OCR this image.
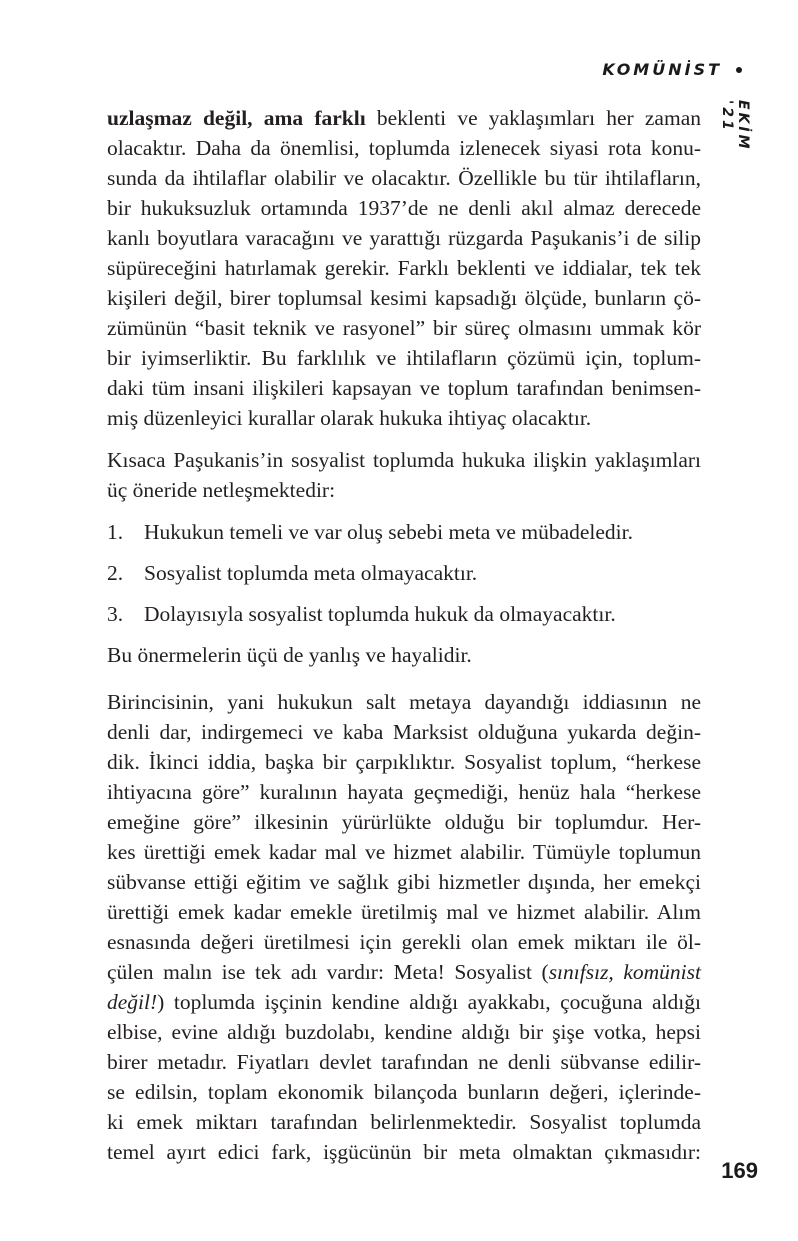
KOMÜNİST
EKİM '21
uzlaşmaz değil, ama farklı beklenti ve yaklaşımları her zaman
olacaktır. Daha da önemlisi, toplumda izlenecek siyasi rota konu-
sunda da ihtilaflar olabilir ve olacaktır. Özellikle bu tür ihtilafların,
bir hukuksuzluk ortamında 1937’de ne denli akıl almaz derecede
kanlı boyutlara varacağını ve yarattığı rüzgarda Paşukanis’i de silip
süpüreceğini hatırlamak gerekir. Farklı beklenti ve iddialar, tek tek
kişileri değil, birer toplumsal kesimi kapsadığı ölçüde, bunların çö-
zümünün “basit teknik ve rasyonel” bir süreç olmasını ummak kör
bir iyimserliktir. Bu farklılık ve ihtilafların çözümü için, toplum-
daki tüm insani ilişkileri kapsayan ve toplum tarafından benimsen-
miş düzenleyici kurallar olarak hukuka ihtiyaç olacaktır.
Kısaca Paşukanis’in sosyalist toplumda hukuka ilişkin yaklaşımları
üç öneride netleşmektedir:
1. Hukukun temeli ve var oluş sebebi meta ve mübadeledir.
2. Sosyalist toplumda meta olmayacaktır.
3. Dolayısıyla sosyalist toplumda hukuk da olmayacaktır.
Bu önermelerin üçü de yanlış ve hayalidir.
Birincisinin, yani hukukun salt metaya dayandığı iddiasının ne
denli dar, indirgemeci ve kaba Marksist olduğuna yukarda değin-
dik. İkinci iddia, başka bir çarpıklıktır. Sosyalist toplum, “herkese
ihtiyacına göre” kuralının hayata geçmediği, henüz hala “herkese
emeğine göre” ilkesinin yürürlükte olduğu bir toplumdur. Her-
kes ürettiği emek kadar mal ve hizmet alabilir. Tümüyle toplumun
sübvanse ettiği eğitim ve sağlık gibi hizmetler dışında, her emekçi
ürettiği emek kadar emekle üretilmiş mal ve hizmet alabilir. Alım
esnasında değeri üretilmesi için gerekli olan emek miktarı ile öl-
çülen malın ise tek adı vardır: Meta! Sosyalist (sınıfsız, komünist
değil!) toplumda işçinin kendine aldığı ayakkabı, çocuğuna aldığı
elbise, evine aldığı buzdolabı, kendine aldığı bir şişe votka, hepsi
birer metadır. Fiyatları devlet tarafından ne denli sübvanse edilir-
se edilsin, toplam ekonomik bilançoda bunların değeri, içlerinde-
ki emek miktarı tarafından belirlenmektedir. Sosyalist toplumda
temel ayırt edici fark, işgücünün bir meta olmaktan çıkmasıdır:
169
